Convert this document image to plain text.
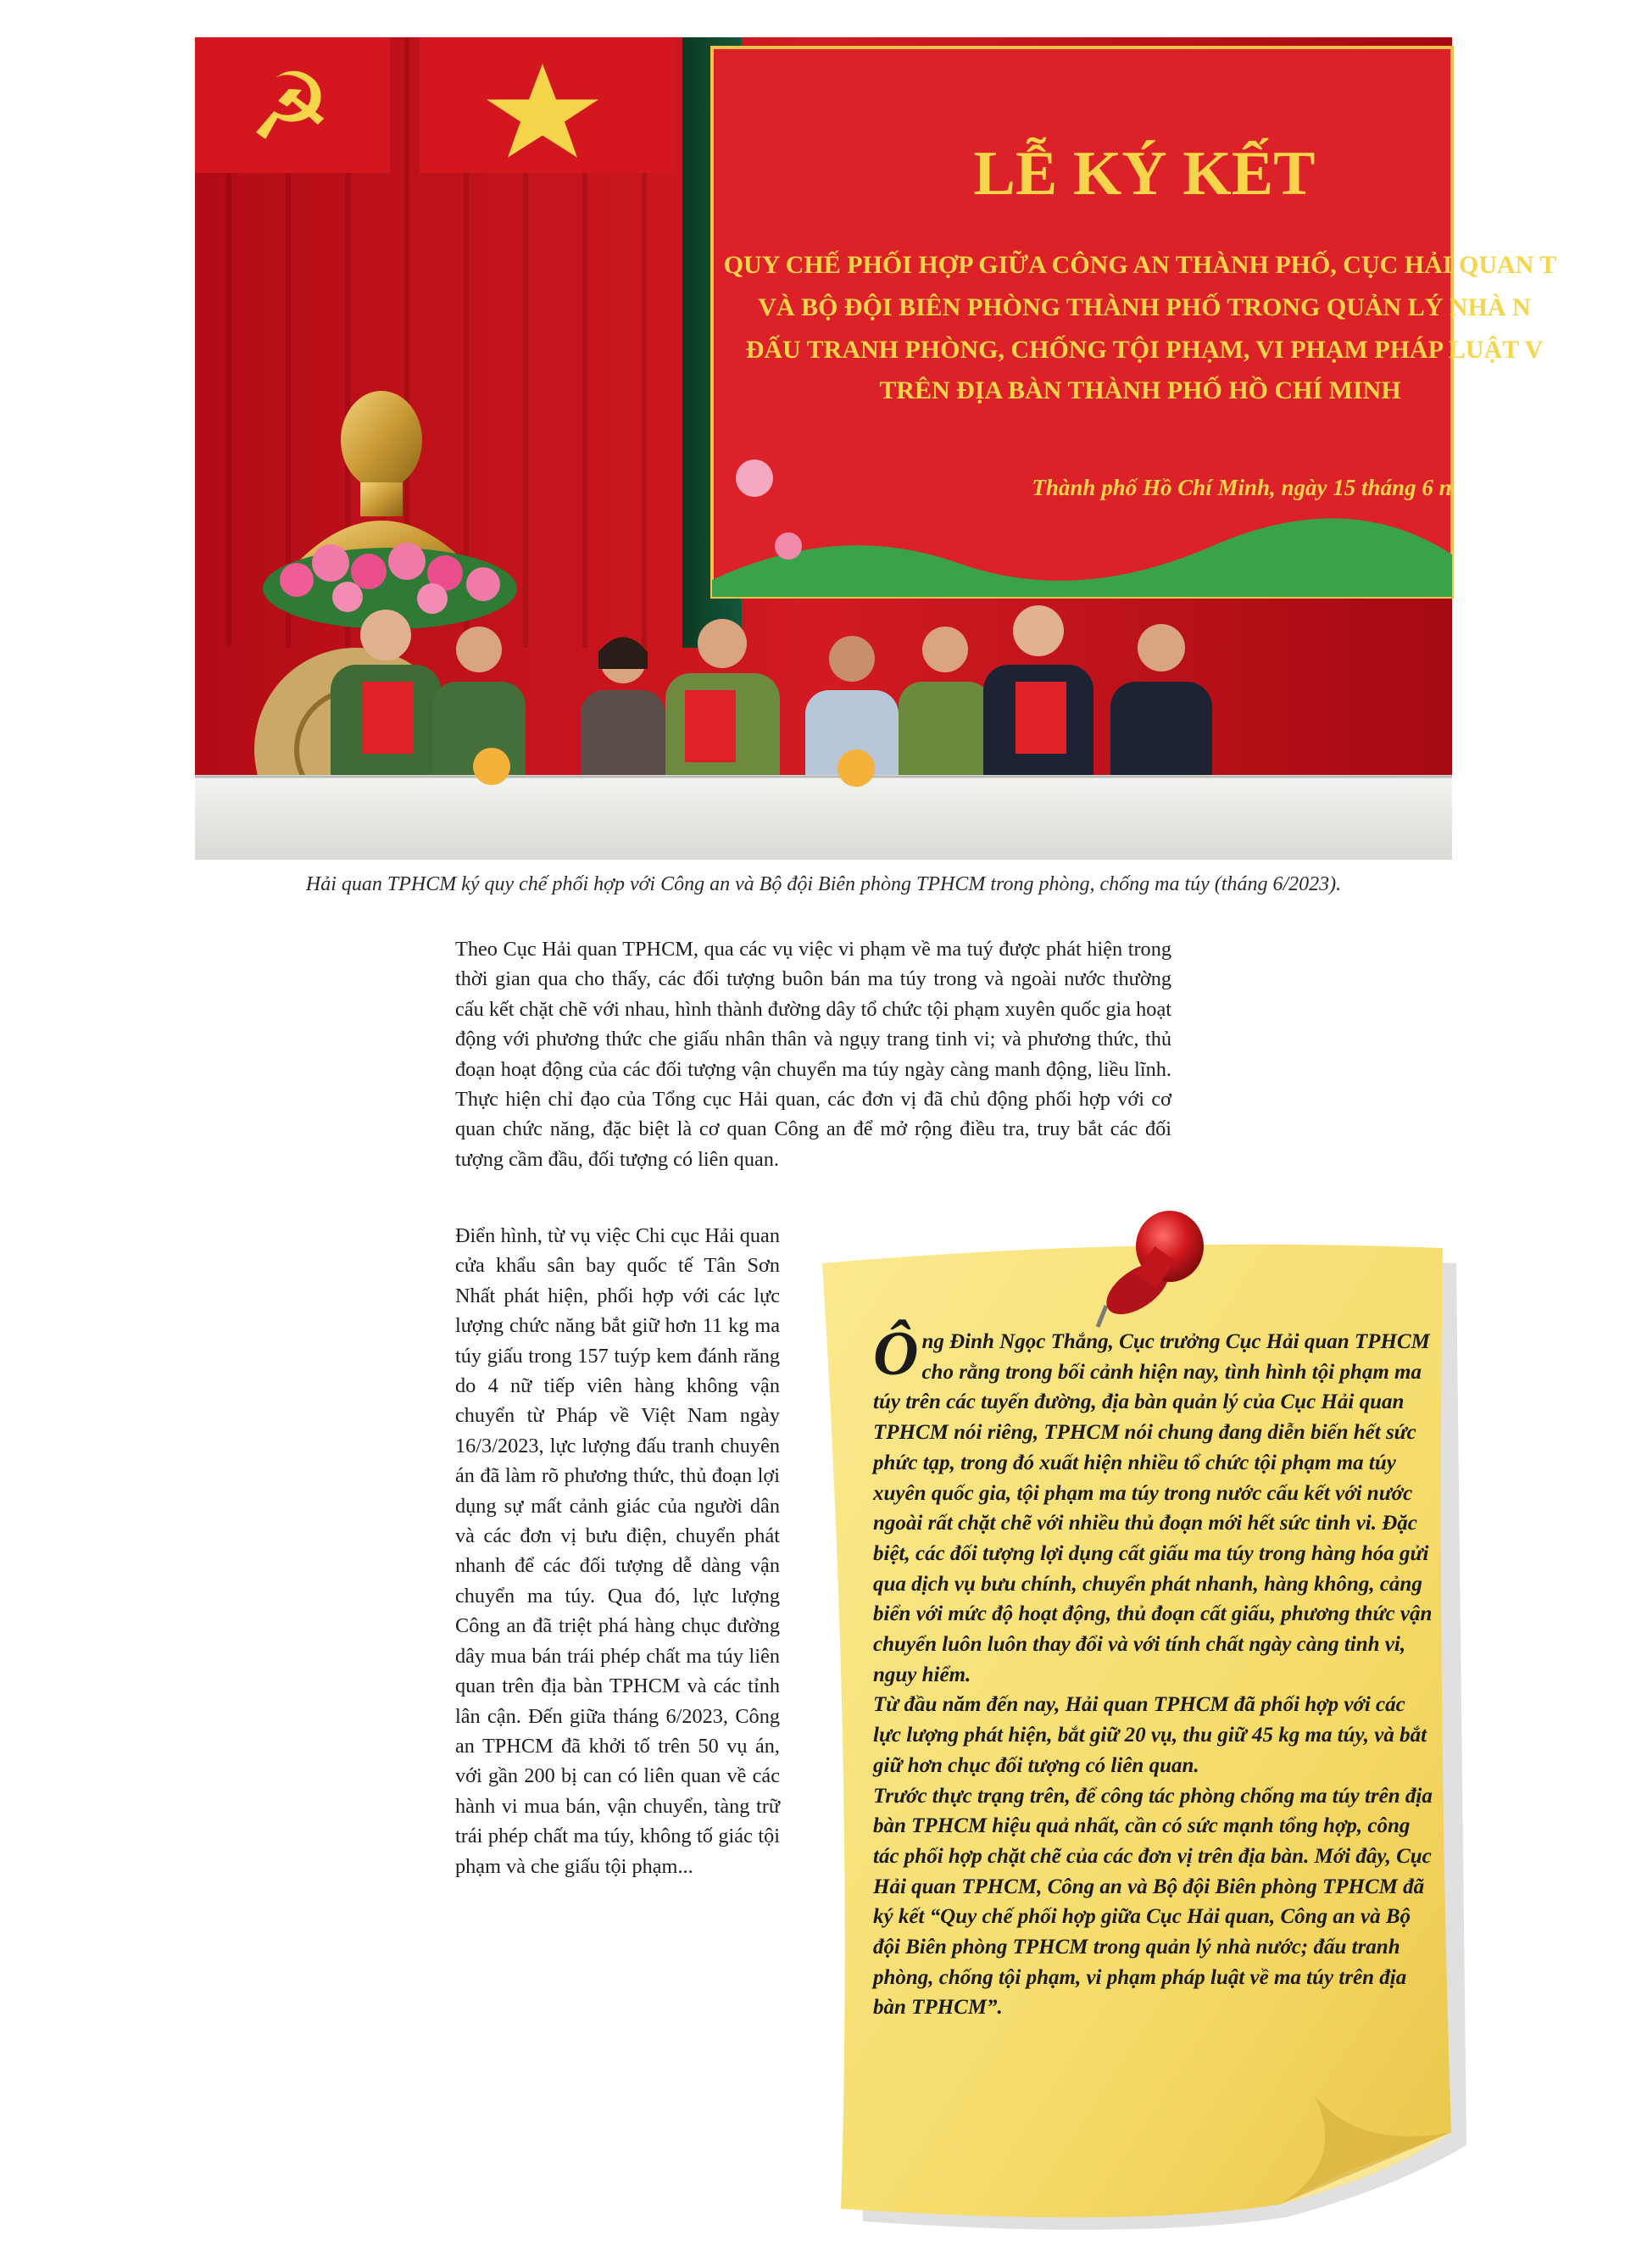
☭
LỄ KÝ KẾT
QUY CHẾ PHỐI HỢP GIỮA CÔNG AN THÀNH PHỐ, CỤC HẢI QUAN T
VÀ BỘ ĐỘI BIÊN PHÒNG THÀNH PHỐ TRONG QUẢN LÝ NHÀ N
ĐẤU TRANH PHÒNG, CHỐNG TỘI PHẠM, VI PHẠM PHÁP LUẬT V
TRÊN ĐỊA BÀN THÀNH PHỐ HỒ CHÍ MINH
Thành phố Hồ Chí Minh, ngày 15 tháng 6 n
Hải quan TPHCM ký quy chế phối hợp với Công an và Bộ đội Biên phòng TPHCM trong phòng, chống ma túy (tháng 6/2023).

Theo Cục Hải quan TPHCM, qua các vụ việc vi phạm về ma tuý được phát hiện trong thời gian qua cho thấy, các đối tượng buôn bán ma túy trong và ngoài nước thường cấu kết chặt chẽ với nhau, hình thành đường dây tổ chức tội phạm xuyên quốc gia hoạt động với phương thức che giấu nhân thân và ngụy trang tinh vi; và phương thức, thủ đoạn hoạt động của các đối tượng vận chuyển ma túy ngày càng manh động, liều lĩnh. Thực hiện chỉ đạo của Tổng cục Hải quan, các đơn vị đã chủ động phối hợp với cơ quan chức năng, đặc biệt là cơ quan Công an để mở rộng điều tra, truy bắt các đối tượng cầm đầu, đối tượng có liên quan.

Điển hình, từ vụ việc Chi cục Hải quan cửa khẩu sân bay quốc tế Tân Sơn Nhất phát hiện, phối hợp với các lực lượng chức năng bắt giữ hơn 11 kg ma túy giấu trong 157 tuýp kem đánh răng do 4 nữ tiếp viên hàng không vận chuyển từ Pháp về Việt Nam ngày 16/3/2023, lực lượng đấu tranh chuyên án đã làm rõ phương thức, thủ đoạn lợi dụng sự mất cảnh giác của người dân và các đơn vị bưu điện, chuyển phát nhanh để các đối tượng dễ dàng vận chuyển ma túy. Qua đó, lực lượng Công an đã triệt phá hàng chục đường dây mua bán trái phép chất ma túy liên quan trên địa bàn TPHCM và các tỉnh lân cận. Đến giữa tháng 6/2023, Công an TPHCM đã khởi tố trên 50 vụ án, với gần 200 bị can có liên quan về các hành vi mua bán, vận chuyển, tàng trữ trái phép chất ma túy, không tố giác tội phạm và che giấu tội phạm...

Ông Đinh Ngọc Thắng, Cục trưởng Cục Hải quan TPHCM cho rằng trong bối cảnh hiện nay, tình hình tội phạm ma túy trên các tuyến đường, địa bàn quản lý của Cục Hải quan TPHCM nói riêng, TPHCM nói chung đang diễn biến hết sức phức tạp, trong đó xuất hiện nhiều tổ chức tội phạm ma túy xuyên quốc gia, tội phạm ma túy trong nước cấu kết với nước ngoài rất chặt chẽ với nhiều thủ đoạn mới hết sức tinh vi. Đặc biệt, các đối tượng lợi dụng cất giấu ma túy trong hàng hóa gửi qua dịch vụ bưu chính, chuyển phát nhanh, hàng không, cảng biển với mức độ hoạt động, thủ đoạn cất giấu, phương thức vận chuyển luôn luôn thay đổi và với tính chất ngày càng tinh vi, nguy hiểm.

Từ đầu năm đến nay, Hải quan TPHCM đã phối hợp với các lực lượng phát hiện, bắt giữ 20 vụ, thu giữ 45 kg ma túy, và bắt giữ hơn chục đối tượng có liên quan.

Trước thực trạng trên, để công tác phòng chống ma túy trên địa bàn TPHCM hiệu quả nhất, cần có sức mạnh tổng hợp, công tác phối hợp chặt chẽ của các đơn vị trên địa bàn. Mới đây, Cục Hải quan TPHCM, Công an và Bộ đội Biên phòng TPHCM đã ký kết “Quy chế phối hợp giữa Cục Hải quan, Công an và Bộ đội Biên phòng TPHCM trong quản lý nhà nước; đấu tranh phòng, chống tội phạm, vi phạm pháp luật về ma túy trên địa bàn TPHCM”.
